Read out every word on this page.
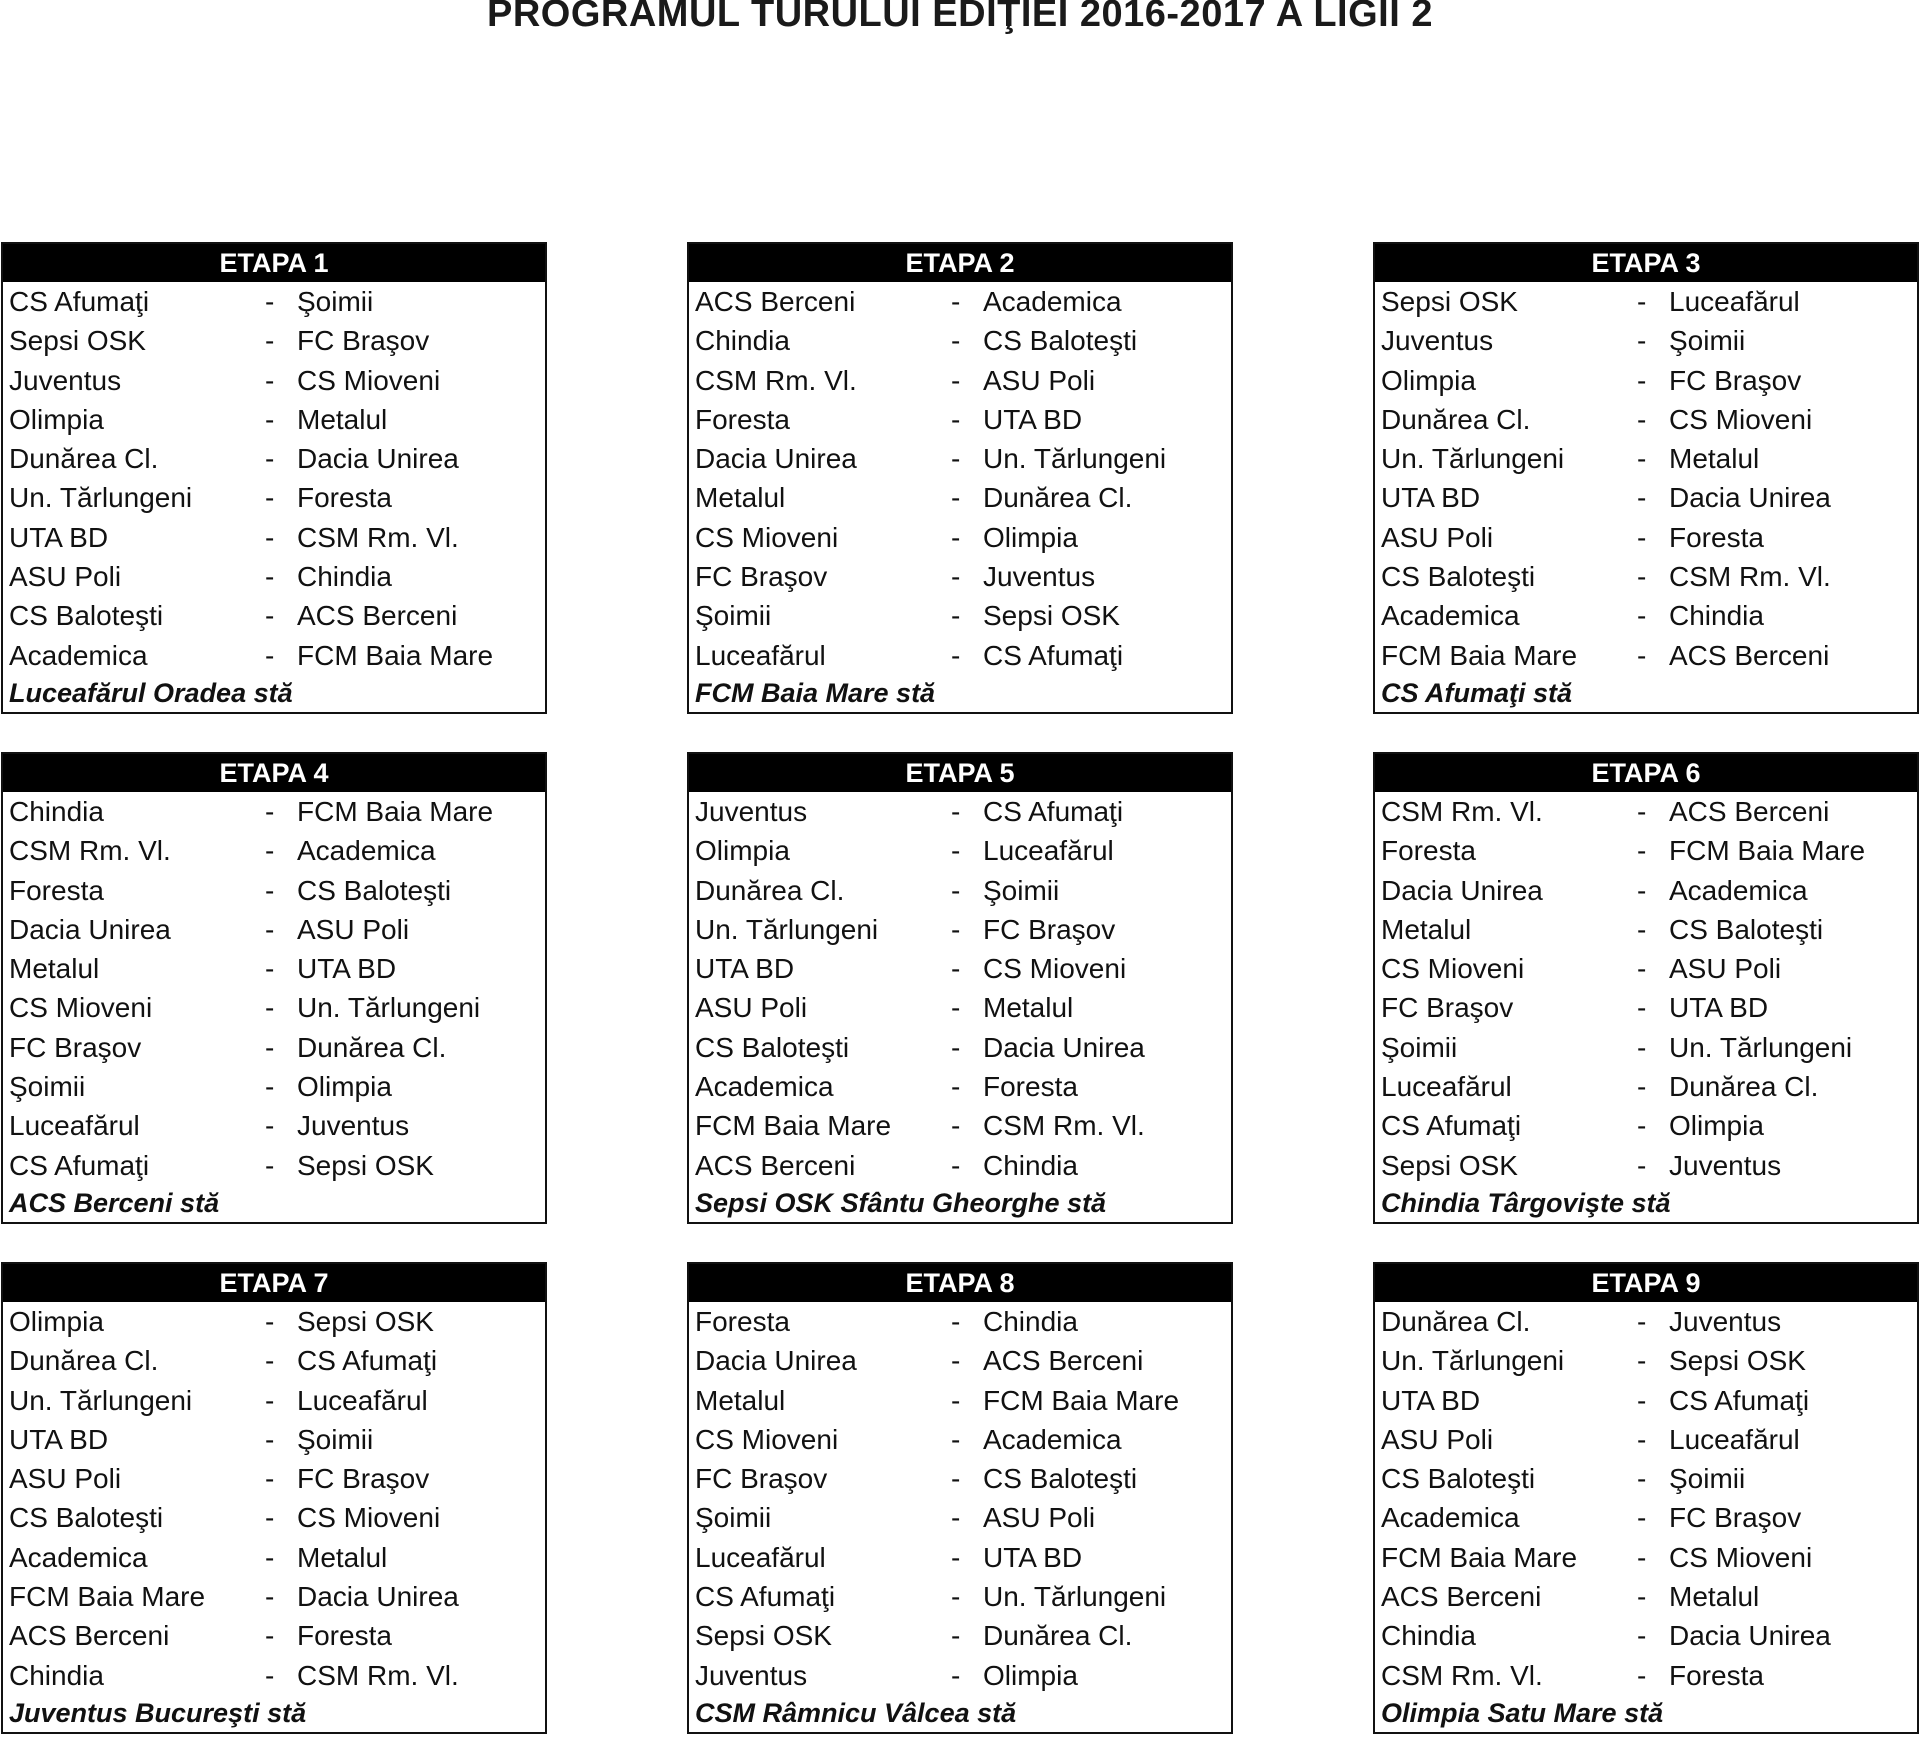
PROGRAMUL TURULUI EDIŢIEI 2016-2017 A LIGII 2
ETAPA 1
CS Afumaţi	- Şoimii
Sepsi OSK	- FC Braşov
Juventus	- CS Mioveni
Olimpia	- Metalul
Dunărea Cl.	- Dacia Unirea
Un. Tărlungeni	- Foresta
UTA BD	- CSM Rm. Vl.
ASU Poli	- Chindia
CS Baloteşti	- ACS Berceni
Academica	- FCM Baia Mare
Luceafărul Oradea stă
ETAPA 2
ACS Berceni	- Academica
Chindia	- CS Baloteşti
CSM Rm. Vl.	- ASU Poli
Foresta	- UTA BD
Dacia Unirea	- Un. Tărlungeni
Metalul	- Dunărea Cl.
CS Mioveni	- Olimpia
FC Braşov	- Juventus
Şoimii	- Sepsi OSK
Luceafărul	- CS Afumaţi
FCM Baia Mare stă
ETAPA 3
Sepsi OSK	- Luceafărul
Juventus	- Şoimii
Olimpia	- FC Braşov
Dunărea Cl.	- CS Mioveni
Un. Tărlungeni	- Metalul
UTA BD	- Dacia Unirea
ASU Poli	- Foresta
CS Baloteşti	- CSM Rm. Vl.
Academica	- Chindia
FCM Baia Mare	- ACS Berceni
CS Afumaţi stă
ETAPA 4
Chindia	- FCM Baia Mare
CSM Rm. Vl.	- Academica
Foresta	- CS Baloteşti
Dacia Unirea	- ASU Poli
Metalul	- UTA BD
CS Mioveni	- Un. Tărlungeni
FC Braşov	- Dunărea Cl.
Şoimii	- Olimpia
Luceafărul	- Juventus
CS Afumaţi	- Sepsi OSK
ACS Berceni stă
ETAPA 5
Juventus	- CS Afumaţi
Olimpia	- Luceafărul
Dunărea Cl.	- Şoimii
Un. Tărlungeni	- FC Braşov
UTA BD	- CS Mioveni
ASU Poli	- Metalul
CS Baloteşti	- Dacia Unirea
Academica	- Foresta
FCM Baia Mare	- CSM Rm. Vl.
ACS Berceni	- Chindia
Sepsi OSK Sfântu Gheorghe stă
ETAPA 6
CSM Rm. Vl.	- ACS Berceni
Foresta	- FCM Baia Mare
Dacia Unirea	- Academica
Metalul	- CS Baloteşti
CS Mioveni	- ASU Poli
FC Braşov	- UTA BD
Şoimii	- Un. Tărlungeni
Luceafărul	- Dunărea Cl.
CS Afumaţi	- Olimpia
Sepsi OSK	- Juventus
Chindia Târgovişte stă
ETAPA 7
Olimpia	- Sepsi OSK
Dunărea Cl.	- CS Afumaţi
Un. Tărlungeni	- Luceafărul
UTA BD	- Şoimii
ASU Poli	- FC Braşov
CS Baloteşti	- CS Mioveni
Academica	- Metalul
FCM Baia Mare	- Dacia Unirea
ACS Berceni	- Foresta
Chindia	- CSM Rm. Vl.
Juventus Bucureşti stă
ETAPA 8
Foresta	- Chindia
Dacia Unirea	- ACS Berceni
Metalul	- FCM Baia Mare
CS Mioveni	- Academica
FC Braşov	- CS Baloteşti
Şoimii	- ASU Poli
Luceafărul	- UTA BD
CS Afumaţi	- Un. Tărlungeni
Sepsi OSK	- Dunărea Cl.
Juventus	- Olimpia
CSM Râmnicu Vâlcea stă
ETAPA 9
Dunărea Cl.	- Juventus
Un. Tărlungeni	- Sepsi OSK
UTA BD	- CS Afumaţi
ASU Poli	- Luceafărul
CS Baloteşti	- Şoimii
Academica	- FC Braşov
FCM Baia Mare	- CS Mioveni
ACS Berceni	- Metalul
Chindia	- Dacia Unirea
CSM Rm. Vl.	- Foresta
Olimpia Satu Mare stă
